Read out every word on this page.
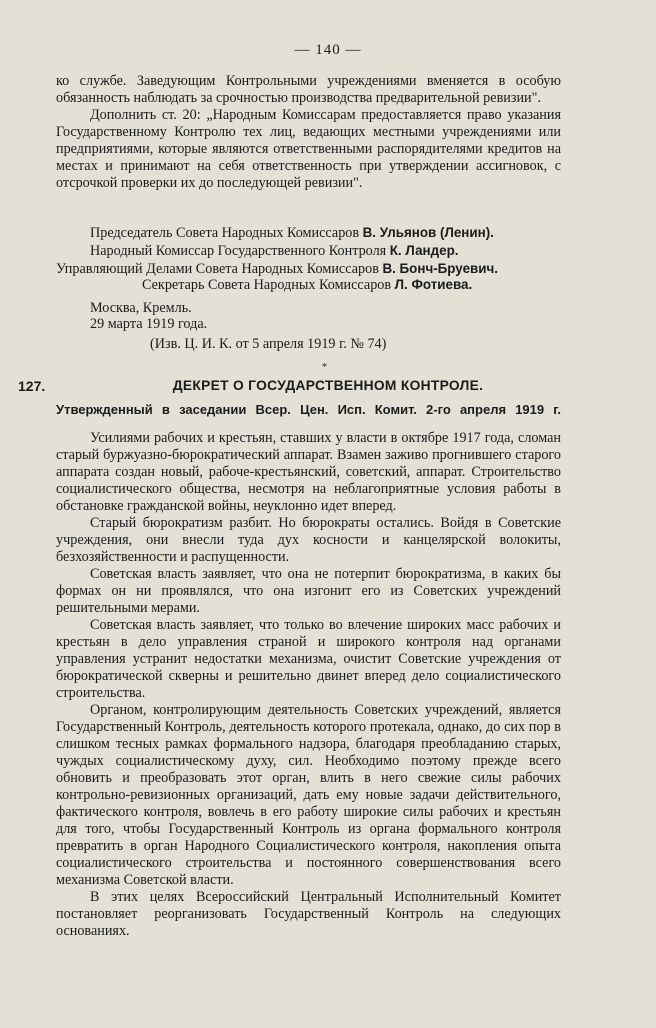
— 140 —

ко службе. Заведующим Контрольными учреждениями вменяется в особую обязанность наблюдать за срочностью производства предварительной ревизии".

Дополнить ст. 20: „Народным Комиссарам предоставляется право указания Государственному Контролю тех лиц, ведающих местными учреждениями или предприятиями, которые являются ответственными распорядителями кредитов на местах и принимают на себя ответственность при утверждении ассигновок, с отсрочкой проверки их до последующей ревизии".

Председатель Совета Народных Комиссаров В. Ульянов (Ленин).
Народный Комиссар Государственного Контроля К. Ландер.
Управляющий Делами Совета Народных Комиссаров В. Бонч-Бруевич.
Секретарь Совета Народных Комиссаров Л. Фотиева.
Москва, Кремль.
29 марта 1919 года.
(Изв. Ц. И. К. от 5 апреля 1919 г. № 74)
*
127.	ДЕКРЕТ О ГОСУДАРСТВЕННОМ КОНТРОЛЕ.
Утвержденный в заседании Всер. Цен. Исп. Комит. 2-го апреля 1919 г.

Усилиями рабочих и крестьян, ставших у власти в октябре 1917 года, сломан старый буржуазно-бюрократический аппарат. Взамен заживо прогнившего старого аппарата создан новый, рабоче-крестьянский, советский, аппарат. Строительство социалистического общества, несмотря на неблагоприятные условия работы в обстановке гражданской войны, неуклонно идет вперед.

Старый бюрократизм разбит. Но бюрократы остались. Войдя в Советские учреждения, они внесли туда дух косности и канцелярской волокиты, безхозяйственности и распущенности.

Советская власть заявляет, что она не потерпит бюрократизма, в каких бы формах он ни проявлялся, что она изгонит его из Советских учреждений решительными мерами.

Советская власть заявляет, что только во влечение широких масс рабочих и крестьян в дело управления страной и широкого контроля над органами управления устранит недостатки механизма, очистит Советские учреждения от бюрократической скверны и решительно двинет вперед дело социалистического строительства.

Органом, контролирующим деятельность Советских учреждений, является Государственный Контроль, деятельность которого протекала, однако, до сих пор в слишком тесных рамках формального надзора, благодаря преобладанию старых, чуждых социалистическому духу, сил. Необходимо поэтому прежде всего обновить и преобразовать этот орган, влить в него свежие силы рабочих контрольно-ревизионных организаций, дать ему новые задачи действительного, фактического контроля, вовлечь в его работу широкие силы рабочих и крестьян для того, чтобы Государственный Контроль из органа формального контроля превратить в орган Народного Социалистического контроля, накопления опыта социалистического строительства и постоянного совершенствования всего механизма Советской власти.

В этих целях Всероссийский Центральный Исполнительный Комитет постановляет реорганизовать Государственный Контроль на следующих основаниях.
